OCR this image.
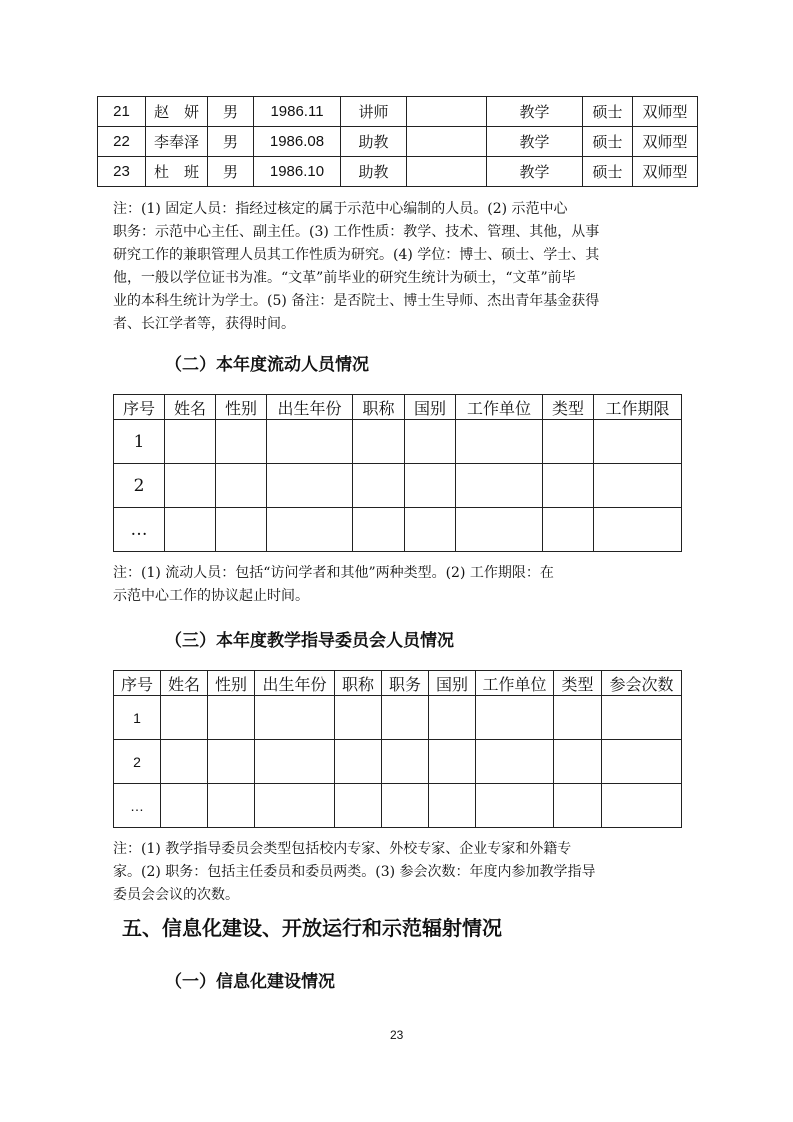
21	赵　妍	男	1986.11	讲师		教学	硕士	双师型
22	李奉泽	男	1986.08	助教		教学	硕士	双师型
23	杜　班	男	1986.10	助教		教学	硕士	双师型
注：(1) 固定人员：指经过核定的属于示范中心编制的人员。(2) 示范中心
职务：示范中心主任、副主任。(3) 工作性质：教学、技术、管理、其他，从事
研究工作的兼职管理人员其工作性质为研究。(4) 学位：博士、硕士、学士、其
他，一般以学位证书为准。“文革”前毕业的研究生统计为硕士，“文革”前毕
业的本科生统计为学士。(5) 备注：是否院士、博士生导师、杰出青年基金获得
者、长江学者等，获得时间。
（二）本年度流动人员情况
序号	姓名	性别	出生年份	职称	国别	工作单位	类型	工作期限
1								
2								
…								
注：(1) 流动人员：包括“访问学者和其他”两种类型。(2) 工作期限：在
示范中心工作的协议起止时间。
（三）本年度教学指导委员会人员情况
序号	姓名	性别	出生年份	职称	职务	国别	工作单位	类型	参会次数
1									
2									
…									
注：(1) 教学指导委员会类型包括校内专家、外校专家、企业专家和外籍专
家。(2) 职务：包括主任委员和委员两类。(3) 参会次数：年度内参加教学指导
委员会会议的次数。
五、信息化建设、开放运行和示范辐射情况
（一）信息化建设情况
23
